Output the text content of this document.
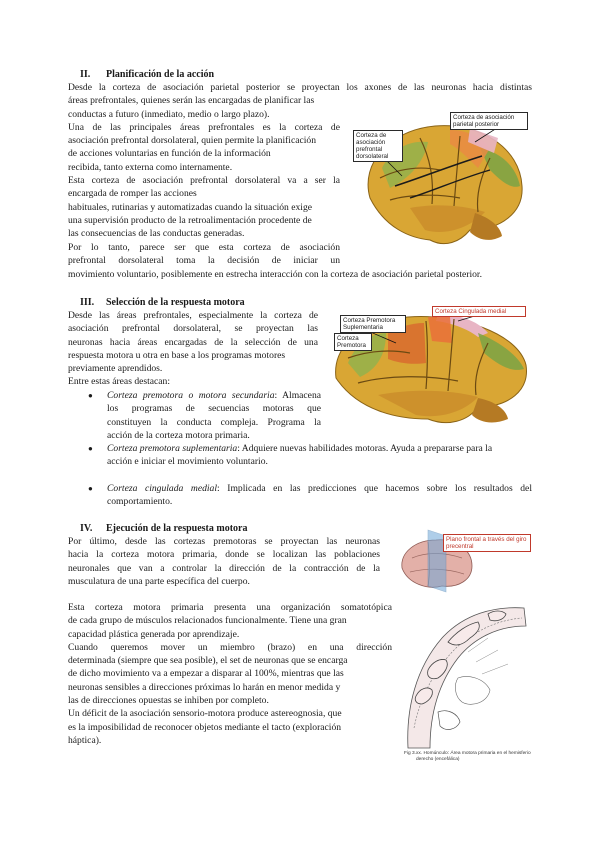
II. Planificación de la acción

Desde la corteza de asociación parietal posterior se proyectan los axones de las neuronas hacia distintas

áreas prefrontales, quienes serán las encargadas de planificar las

conductas a futuro (inmediato, medio o largo plazo).

Una de las principales áreas prefrontales es la corteza de

asociación prefrontal dorsolateral, quien permite la planificación

de acciones voluntarias en función de la información

recibida, tanto externa como internamente.

Esta corteza de asociación prefrontal dorsolateral va a ser la

encargada de romper las acciones

habituales, rutinarias y automatizadas cuando la situación exige

una supervisión producto de la retroalimentación procedente de

las consecuencias de las conductas generadas.

Por lo tanto, parece ser que esta corteza de asociación

prefrontal dorsolateral toma la decisión de iniciar un

movimiento voluntario, posiblemente en estrecha interacción con la corteza de asociación parietal posterior.

Corteza de asociación parietal posterior
Corteza de asociación prefrontal dorsolateral
III. Selección de la respuesta motora

Desde las áreas prefrontales, especialmente la corteza de

asociación prefrontal dorsolateral, se proyectan las

neuronas hacia áreas encargadas de la selección de una

respuesta motora u otra en base a los programas motores

previamente aprendidos.

Entre estas áreas destacan:

● Corteza premotora o motora secundaria: Almacena
los programas de secuencias motoras que
constituyen la conducta compleja. Programa la
acción de la corteza motora primaria.
● Corteza premotora suplementaria: Adquiere nuevas habilidades motoras. Ayuda a prepararse para la
acción e iniciar el movimiento voluntario.
● Corteza cingulada medial: Implicada en las predicciones que hacemos sobre los resultados del
comportamiento.
Corteza Cingulada medial
Corteza Premotora Suplementaria
Corteza Premotora
IV. Ejecución de la respuesta motora

Por último, desde las cortezas premotoras se proyectan las neuronas

hacia la corteza motora primaria, donde se localizan las poblaciones

neuronales que van a controlar la dirección de la contracción de la

musculatura de una parte específica del cuerpo.

Esta corteza motora primaria presenta una organización somatotópica

de cada grupo de músculos relacionados funcionalmente. Tiene una gran

capacidad plástica generada por aprendizaje.

Cuando queremos mover un miembro (brazo) en una dirección

determinada (siempre que sea posible), el set de neuronas que se encarga

de dicho movimiento va a empezar a disparar al 100%, mientras que las

neuronas sensibles a direcciones próximas lo harán en menor medida y

las de direcciones opuestas se inhiben por completo.

Un déficit de la asociación sensorio-motora produce astereognosia, que

es la imposibilidad de reconocer objetos mediante el tacto (exploración

háptica).

Plano frontal a través del giro precentral
Fig 3.xx. Homúnculo: Área motora primaria en el hemisferio
derecho (encefálica)
